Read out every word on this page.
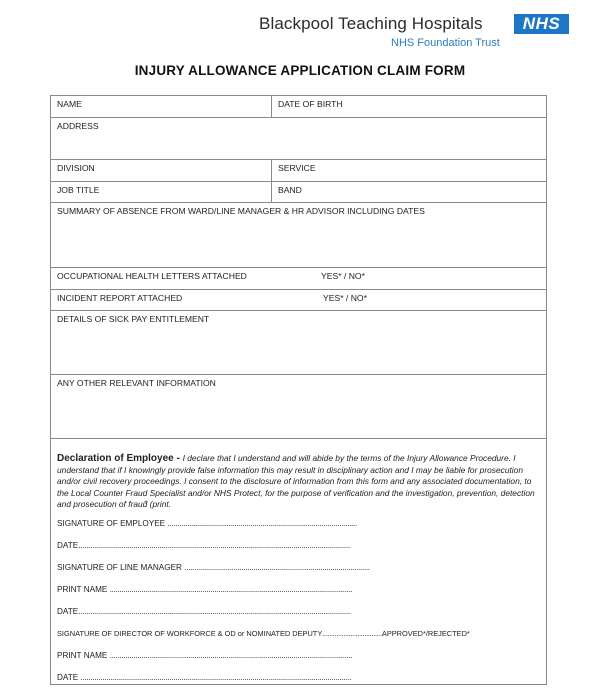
Blackpool Teaching Hospitals
NHS Foundation Trust
NHS
INJURY ALLOWANCE APPLICATION CLAIM FORM
NAME	DATE OF BIRTH
ADDRESS
DIVISION	SERVICE
JOB TITLE	BAND
SUMMARY OF ABSENCE FROM WARD/LINE MANAGER & HR ADVISOR INCLUDING DATES
OCCUPATIONAL HEALTH LETTERS ATTACHED	YES* / NO*
INCIDENT REPORT ATTACHED	YES* / NO*
DETAILS OF SICK PAY ENTITLEMENT
ANY OTHER RELEVANT INFORMATION
Declaration of Employee - I declare that I understand and will abide by the terms of the Injury Allowance Procedure. I understand that if I knowingly provide false information this may result in disciplinary action and I may be liable for prosecution and/or civil recovery proceedings. I consent to the disclosure of information from this form and any associated documentation, to the Local Counter Fraud Specialist and/or NHS Protect, for the purpose of verification and the investigation, prevention, detection and prosecution of fraud̂ (print.
SIGNATURE OF EMPLOYEE ................................................................................................
DATE..........................................................................................................................................
SIGNATURE OF LINE MANAGER ..............................................................................................
PRINT NAME ...........................................................................................................................
DATE..........................................................................................................................................
SIGNATURE OF DIRECTOR OF WORKFORCE & OD or NOMINATED DEPUTY..................................APPROVED*/REJECTED*
PRINT NAME ...........................................................................................................................
DATE .........................................................................................................................................
